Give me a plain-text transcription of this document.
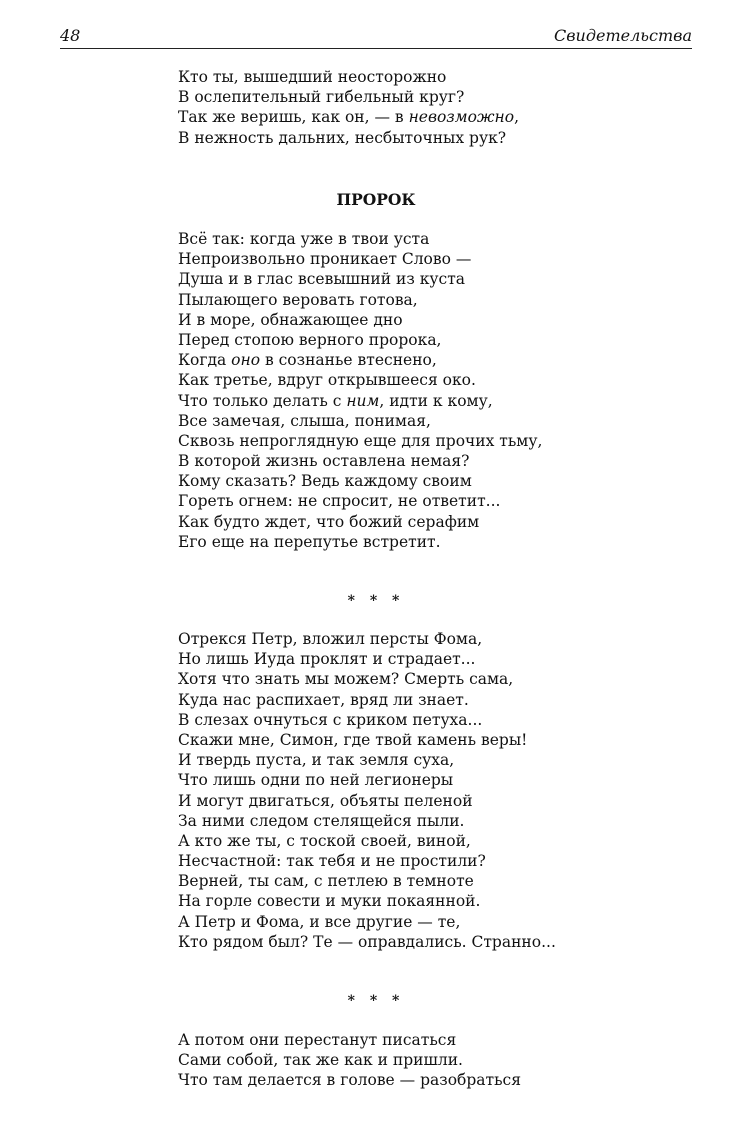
48	Свидетельства
Кто ты, вышедший неосторожно
В ослепительный гибельный круг?
Так же веришь, как он, — в невозможно,
В нежность дальних, несбыточных рук?
ПРОРОК
Всё так: когда уже в твои уста
Непроизвольно проникает Слово —
Душа и в глас всевышний из куста
Пылающего веровать готова,
И в море, обнажающее дно
Перед стопою верного пророка,
Когда оно в сознанье втеснено,
Как третье, вдруг открывшееся око.
Что только делать с ним, идти к кому,
Все замечая, слыша, понимая,
Сквозь непроглядную еще для прочих тьму,
В которой жизнь оставлена немая?
Кому сказать? Ведь каждому своим
Гореть огнем: не спросит, не ответит...
Как будто ждет, что божий серафим
Его еще на перепутье встретит.
* * *
Отрекся Петр, вложил персты Фома,
Но лишь Иуда проклят и страдает...
Хотя что знать мы можем? Смерть сама,
Куда нас распихает, вряд ли знает.
В слезах очнуться с криком петуха...
Скажи мне, Симон, где твой камень веры!
И твердь пуста, и так земля суха,
Что лишь одни по ней легионеры
И могут двигаться, объяты пеленой
За ними следом стелящейся пыли.
А кто же ты, с тоской своей, виной,
Несчастной: так тебя и не простили?
Верней, ты сам, с петлею в темноте
На горле совести и муки покаянной.
А Петр и Фома, и все другие — те,
Кто рядом был? Те — оправдались. Странно...
* * *
А потом они перестанут писаться
Сами собой, так же как и пришли.
Что там делается в голове — разобраться
